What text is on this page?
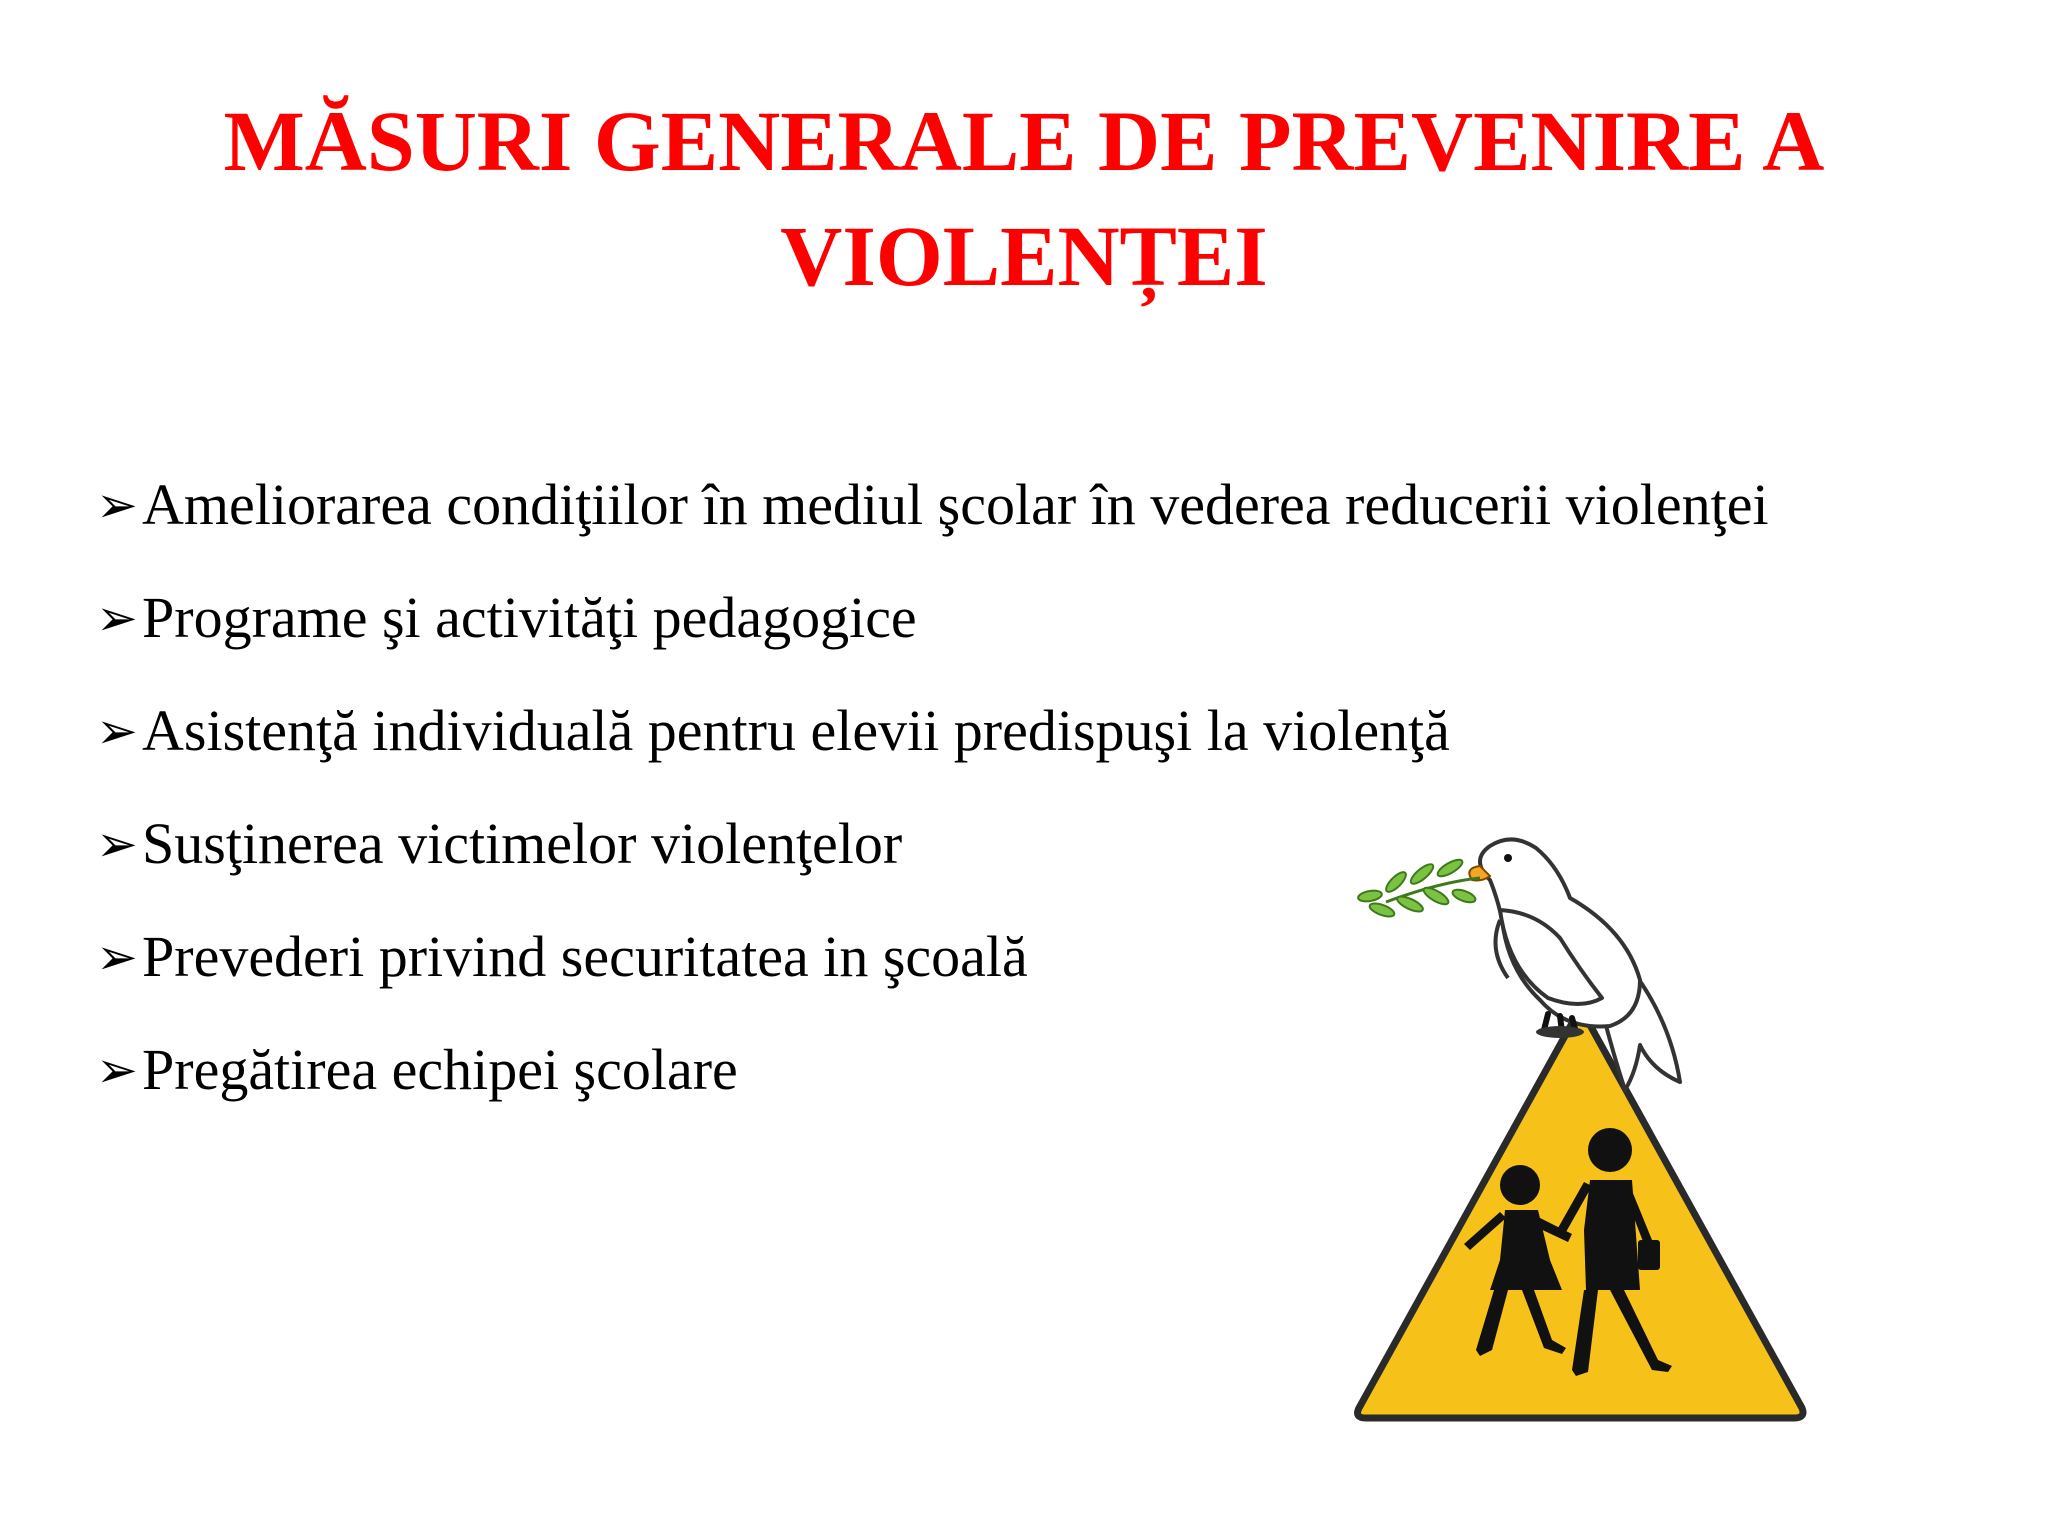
MĂSURI GENERALE DE PREVENIRE A
VIOLENȚEI
➢ Ameliorarea condiţiilor în mediul şcolar în vederea reducerii violenţei
➢ Programe şi activităţi pedagogice
➢ Asistenţă individuală pentru elevii predispuşi la violenţă
➢ Susţinerea victimelor violenţelor
➢ Prevederi privind securitatea in şcoală
➢ Pregătirea echipei şcolare
